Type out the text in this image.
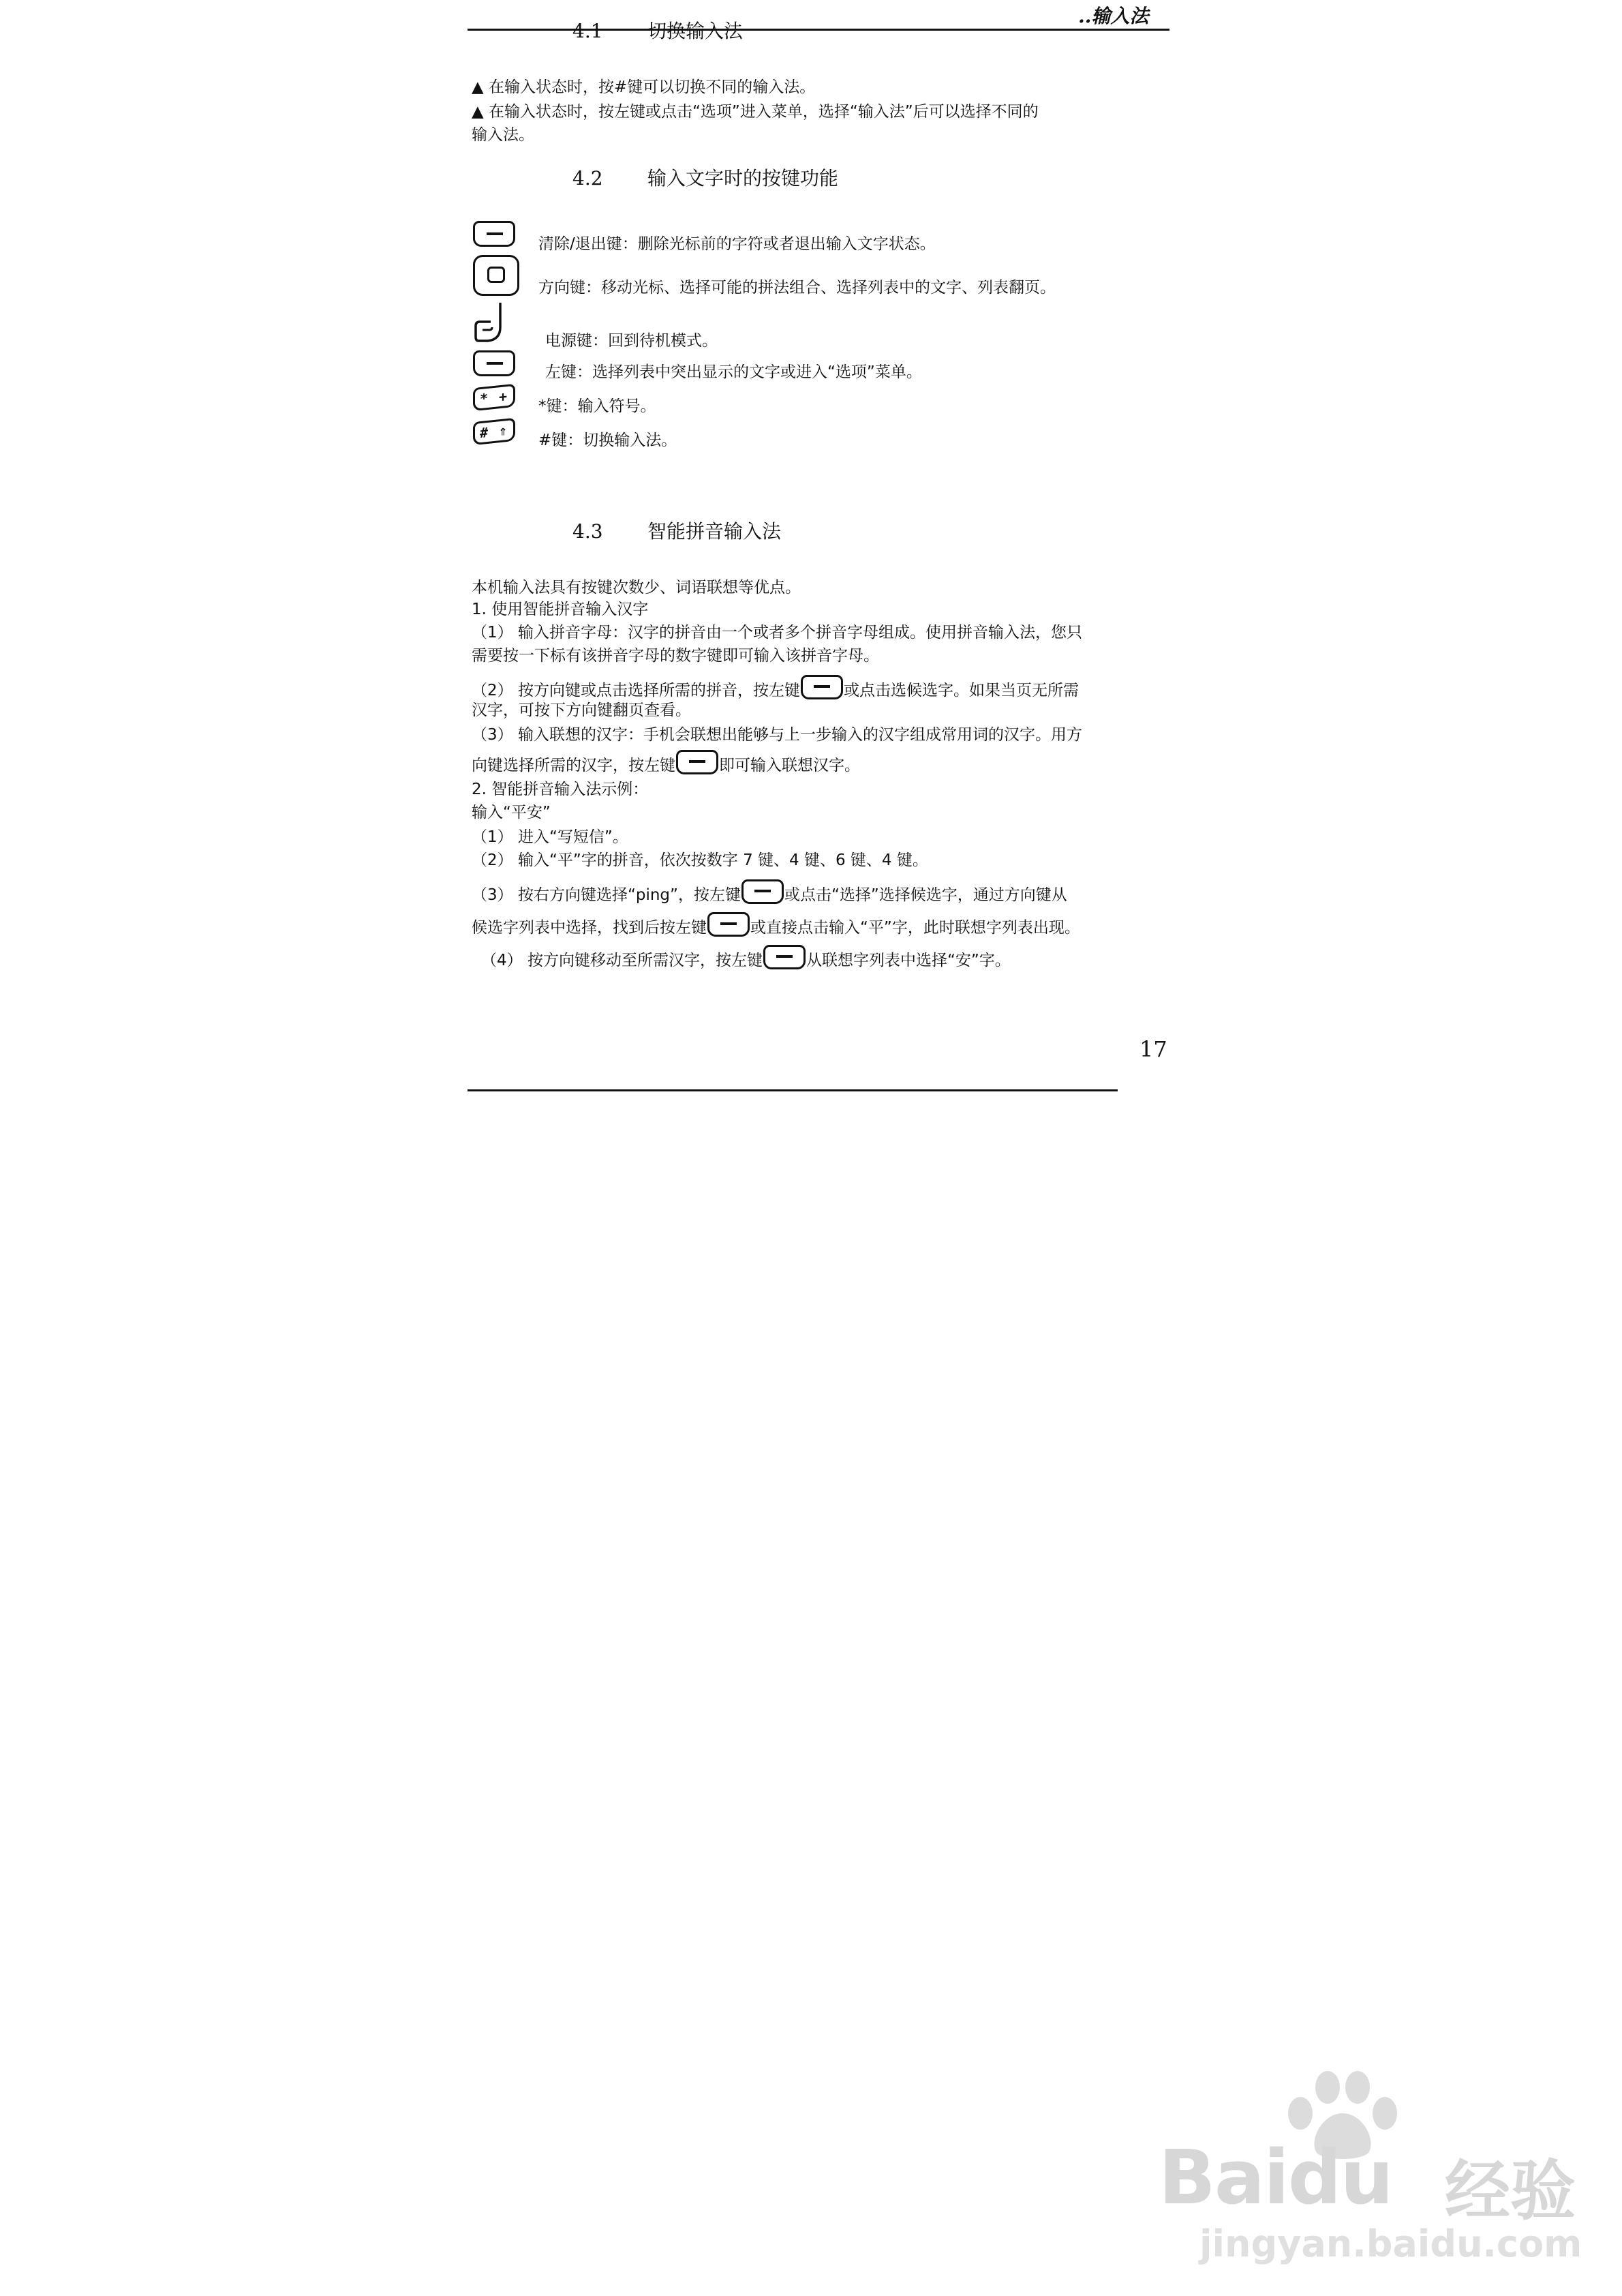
..输入法
4.1 切换输入法
▲ 在输入状态时，按#键可以切换不同的输入法。
▲ 在输入状态时，按左键或点击“选项”进入菜单，选择“输入法”后可以选择不同的
输入法。
4.2 输入文字时的按键功能
清除/退出键：删除光标前的字符或者退出输入文字状态。
方向键：移动光标、选择可能的拼法组合、选择列表中的文字、列表翻页。
电源键：回到待机模式。
左键：选择列表中突出显示的文字或进入“选项”菜单。
* +	*键：输入符号。
# ⇑	#键：切换输入法。
4.3 智能拼音输入法
本机输入法具有按键次数少、词语联想等优点。
1. 使用智能拼音输入汉字
（1） 输入拼音字母：汉字的拼音由一个或者多个拼音字母组成。使用拼音输入法，您只
需要按一下标有该拼音字母的数字键即可输入该拼音字母。
（2） 按方向键或点击选择所需的拼音，按左键	或点击选候选字。如果当页无所需
汉字，可按下方向键翻页查看。
（3） 输入联想的汉字：手机会联想出能够与上一步输入的汉字组成常用词的汉字。用方
向键选择所需的汉字，按左键	即可输入联想汉字。
2. 智能拼音输入法示例：
输入“平安”
（1） 进入“写短信”。
（2） 输入“平”字的拼音，依次按数字 7 键、4 键、6 键、4 键。
（3） 按右方向键选择“ping”，按左键	或点击“选择”选择候选字，通过方向键从
候选字列表中选择，找到后按左键	或直接点击输入“平”字，此时联想字列表出现。
（4） 按方向键移动至所需汉字，按左键	从联想字列表中选择“安”字。
17
Baidu 经验
jingyan.baidu.com
